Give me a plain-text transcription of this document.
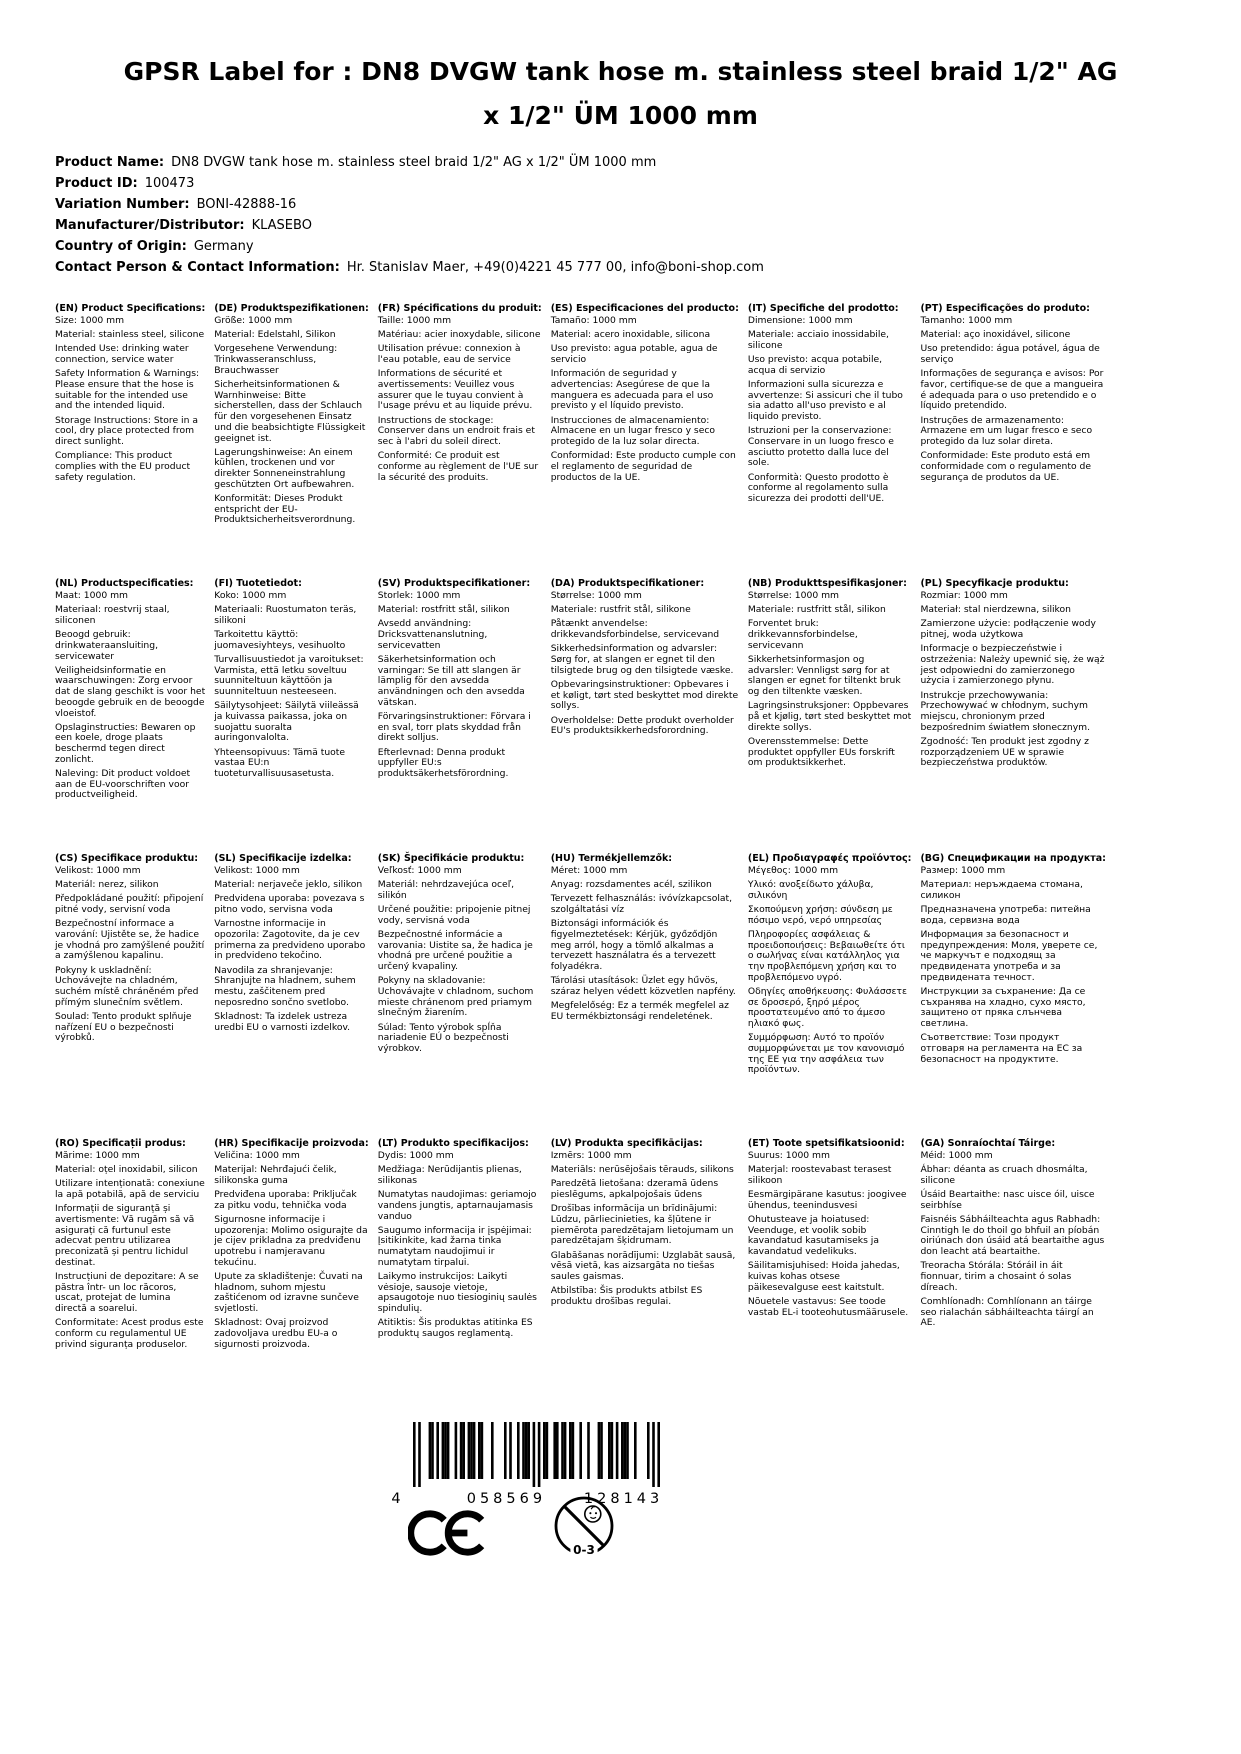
GPSR Label for : DN8 DVGW tank hose m. stainless steel braid 1/2" AG x 1/2" ÜM 1000 mm
Product Name: DN8 DVGW tank hose m. stainless steel braid 1/2" AG x 1/2" ÜM 1000 mm
Product ID: 100473
Variation Number: BONI-42888-16
Manufacturer/Distributor: KLASEBO
Country of Origin: Germany
Contact Person & Contact Information: Hr. Stanislav Maer, +49(0)4221 45 777 00, info@boni-shop.com
(EN) Product Specifications:

Size: 1000 mm

Material: stainless steel, silicone

Intended Use: drinking water connection, service water

Safety Information & Warnings: Please ensure that the hose is suitable for the intended use and the intended liquid.

Storage Instructions: Store in a cool, dry place protected from direct sunlight.

Compliance: This product complies with the EU product safety regulation.

(DE) Produktspezifikationen:

Größe: 1000 mm

Material: Edelstahl, Silikon

Vorgesehene Verwendung: Trinkwasseranschluss, Brauchwasser

Sicherheitsinformationen & Warnhinweise: Bitte sicherstellen, dass der Schlauch für den vorgesehenen Einsatz und die beabsichtigte Flüssigkeit geeignet ist.

Lagerungshinweise: An einem kühlen, trockenen und vor direkter Sonneneinstrahlung geschützten Ort aufbewahren.

Konformität: Dieses Produkt entspricht der EU-Produktsicherheitsverordnung.

(FR) Spécifications du produit:

Taille: 1000 mm

Matériau: acier inoxydable, silicone

Utilisation prévue: connexion à l'eau potable, eau de service

Informations de sécurité et avertissements: Veuillez vous assurer que le tuyau convient à l'usage prévu et au liquide prévu.

Instructions de stockage: Conserver dans un endroit frais et sec à l'abri du soleil direct.

Conformité: Ce produit est conforme au règlement de l'UE sur la sécurité des produits.

(ES) Especificaciones del producto:

Tamaño: 1000 mm

Material: acero inoxidable, silicona

Uso previsto: agua potable, agua de servicio

Información de seguridad y advertencias: Asegúrese de que la manguera es adecuada para el uso previsto y el líquido previsto.

Instrucciones de almacenamiento: Almacene en un lugar fresco y seco protegido de la luz solar directa.

Conformidad: Este producto cumple con el reglamento de seguridad de productos de la UE.

(IT) Specifiche del prodotto:

Dimensione: 1000 mm

Materiale: acciaio inossidabile, silicone

Uso previsto: acqua potabile, acqua di servizio

Informazioni sulla sicurezza e avvertenze: Si assicuri che il tubo sia adatto all'uso previsto e al liquido previsto.

Istruzioni per la conservazione: Conservare in un luogo fresco e asciutto protetto dalla luce del sole.

Conformità: Questo prodotto è conforme al regolamento sulla sicurezza dei prodotti dell'UE.

(PT) Especificações do produto:

Tamanho: 1000 mm

Material: aço inoxidável, silicone

Uso pretendido: água potável, água de serviço

Informações de segurança e avisos: Por favor, certifique-se de que a mangueira é adequada para o uso pretendido e o líquido pretendido.

Instruções de armazenamento: Armazene em um lugar fresco e seco protegido da luz solar direta.

Conformidade: Este produto está em conformidade com o regulamento de segurança de produtos da UE.

(NL) Productspecificaties:

Maat: 1000 mm

Materiaal: roestvrij staal, siliconen

Beoogd gebruik: drinkwateraansluiting, servicewater

Veiligheidsinformatie en waarschuwingen: Zorg ervoor dat de slang geschikt is voor het beoogde gebruik en de beoogde vloeistof.

Opslaginstructies: Bewaren op een koele, droge plaats beschermd tegen direct zonlicht.

Naleving: Dit product voldoet aan de EU-voorschriften voor productveiligheid.

(FI) Tuotetiedot:

Koko: 1000 mm

Materiaali: Ruostumaton teräs, silikoni

Tarkoitettu käyttö: juomavesiyhteys, vesihuolto

Turvallisuustiedot ja varoitukset: Varmista, että letku soveltuu suunniteltuun käyttöön ja suunniteltuun nesteeseen.

Säilytysohjeet: Säilytä viileässä ja kuivassa paikassa, joka on suojattu suoralta auringonvalolta.

Yhteensopivuus: Tämä tuote vastaa EU:n tuoteturvallisuusasetusta.

(SV) Produktspecifikationer:

Storlek: 1000 mm

Material: rostfritt stål, silikon

Avsedd användning: Dricksvattenanslutning, servicevatten

Säkerhetsinformation och varningar: Se till att slangen är lämplig för den avsedda användningen och den avsedda vätskan.

Förvaringsinstruktioner: Förvara i en sval, torr plats skyddad från direkt solljus.

Efterlevnad: Denna produkt uppfyller EU:s produktsäkerhetsförordning.

(DA) Produktspecifikationer:

Størrelse: 1000 mm

Materiale: rustfrit stål, silikone

Påtænkt anvendelse: drikkevandsforbindelse, servicevand

Sikkerhedsinformation og advarsler: Sørg for, at slangen er egnet til den tilsigtede brug og den tilsigtede væske.

Opbevaringsinstruktioner: Opbevares i et køligt, tørt sted beskyttet mod direkte sollys.

Overholdelse: Dette produkt overholder EU's produktsikkerhedsforordning.

(NB) Produkttspesifikasjoner:

Størrelse: 1000 mm

Materiale: rustfritt stål, silikon

Forventet bruk: drikkevannsforbindelse, servicevann

Sikkerhetsinformasjon og advarsler: Vennligst sørg for at slangen er egnet for tiltenkt bruk og den tiltenkte væsken.

Lagringsinstruksjoner: Oppbevares på et kjølig, tørt sted beskyttet mot direkte sollys.

Overensstemmelse: Dette produktet oppfyller EUs forskrift om produktsikkerhet.

(PL) Specyfikacje produktu:

Rozmiar: 1000 mm

Materiał: stal nierdzewna, silikon

Zamierzone użycie: podłączenie wody pitnej, woda użytkowa

Informacje o bezpieczeństwie i ostrzeżenia: Należy upewnić się, że wąż jest odpowiedni do zamierzonego użycia i zamierzonego płynu.

Instrukcje przechowywania: Przechowywać w chłodnym, suchym miejscu, chronionym przed bezpośrednim światłem słonecznym.

Zgodność: Ten produkt jest zgodny z rozporządzeniem UE w sprawie bezpieczeństwa produktów.

(CS) Specifikace produktu:

Velikost: 1000 mm

Materiál: nerez, silikon

Předpokládané použití: připojení pitné vody, servisní voda

Bezpečnostní informace a varování: Ujistěte se, že hadice je vhodná pro zamýšlené použití a zamýšlenou kapalinu.

Pokyny k uskladnění: Uchovávejte na chladném, suchém místě chráněném před přímým slunečním světlem.

Soulad: Tento produkt splňuje nařízení EU o bezpečnosti výrobků.

(SL) Specifikacije izdelka:

Velikost: 1000 mm

Material: nerjaveče jeklo, silikon

Predvidena uporaba: povezava s pitno vodo, servisna voda

Varnostne informacije in opozorila: Zagotovite, da je cev primerna za predvideno uporabo in predvideno tekočino.

Navodila za shranjevanje: Shranjujte na hladnem, suhem mestu, zaščitenem pred neposredno sončno svetlobo.

Skladnost: Ta izdelek ustreza uredbi EU o varnosti izdelkov.

(SK) Špecifikácie produktu:

Veľkosť: 1000 mm

Materiál: nehrdzavejúca oceľ, silikón

Určené použitie: pripojenie pitnej vody, servisná voda

Bezpečnostné informácie a varovania: Uistite sa, že hadica je vhodná pre určené použitie a určený kvapaliny.

Pokyny na skladovanie: Uchovávajte v chladnom, suchom mieste chránenom pred priamym slnečným žiarením.

Súlad: Tento výrobok spĺňa nariadenie EÚ o bezpečnosti výrobkov.

(HU) Termékjellemzők:

Méret: 1000 mm

Anyag: rozsdamentes acél, szilikon

Tervezett felhasználás: ivóvízkapcsolat, szolgáltatási víz

Biztonsági információk és figyelmeztetések: Kérjük, győződjön meg arról, hogy a tömlő alkalmas a tervezett használatra és a tervezett folyadékra.

Tárolási utasítások: Üzlet egy hűvös, száraz helyen védett közvetlen napfény.

Megfelelőség: Ez a termék megfelel az EU termékbiztonsági rendeletének.

(EL) Προδιαγραφές προϊόντος:

Μέγεθος: 1000 mm

Υλικό: ανοξείδωτο χάλυβα, σιλικόνη

Σκοπούμενη χρήση: σύνδεση με πόσιμο νερό, νερό υπηρεσίας

Πληροφορίες ασφάλειας & προειδοποιήσεις: Βεβαιωθείτε ότι ο σωλήνας είναι κατάλληλος για την προβλεπόμενη χρήση και το προβλεπόμενο υγρό.

Οδηγίες αποθήκευσης: Φυλάσσετε σε δροσερό, ξηρό μέρος προστατευμένο από το άμεσο ηλιακό φως.

Συμμόρφωση: Αυτό το προϊόν συμμορφώνεται με τον κανονισμό της ΕΕ για την ασφάλεια των προϊόντων.

(BG) Спецификации на продукта:

Размер: 1000 mm

Материал: неръждаема стомана, силикон

Предназначена употреба: питейна вода, сервизна вода

Информация за безопасност и предупреждения: Моля, уверете се, че маркучът е подходящ за предвидената употреба и за предвидената течност.

Инструкции за съхранение: Да се съхранява на хладно, сухо място, защитено от пряка слънчева светлина.

Съответствие: Този продукт отговаря на регламента на ЕС за безопасност на продуктите.

(RO) Specificații produs:

Mărime: 1000 mm

Material: oțel inoxidabil, silicon

Utilizare intenționată: conexiune la apă potabilă, apă de serviciu

Informații de siguranță și avertismente: Vă rugăm să vă asigurați că furtunul este adecvat pentru utilizarea preconizată și pentru lichidul destinat.

Instrucțiuni de depozitare: A se păstra într- un loc răcoros, uscat, protejat de lumina directă a soarelui.

Conformitate: Acest produs este conform cu regulamentul UE privind siguranța produselor.

(HR) Specifikacije proizvoda:

Veličina: 1000 mm

Materijal: Nehrđajući čelik, silikonska guma

Predviđena uporaba: Priključak za pitku vodu, tehnička voda

Sigurnosne informacije i upozorenja: Molimo osigurajte da je cijev prikladna za predviđenu upotrebu i namjeravanu tekućinu.

Upute za skladištenje: Čuvati na hladnom, suhom mjestu zaštićenom od izravne sunčeve svjetlosti.

Skladnost: Ovaj proizvod zadovoljava uredbu EU-a o sigurnosti proizvoda.

(LT) Produkto specifikacijos:

Dydis: 1000 mm

Medžiaga: Nerūdijantis plienas, silikonas

Numatytas naudojimas: geriamojo vandens jungtis, aptarnaujamasis vanduo

Saugumo informacija ir įspėjimai: Įsitikinkite, kad žarna tinka numatytam naudojimui ir numatytam tirpalui.

Laikymo instrukcijos: Laikyti vėsioje, sausoje vietoje, apsaugotoje nuo tiesioginių saulės spindulių.

Atitiktis: Šis produktas atitinka ES produktų saugos reglamentą.

(LV) Produkta specifikācijas:

Izmērs: 1000 mm

Materiāls: nerūsējošais tērauds, silikons

Paredzētā lietošana: dzeramā ūdens pieslēgums, apkalpojošais ūdens

Drošības informācija un brīdinājumi: Lūdzu, pārliecinieties, ka šļūtene ir piemērota paredzētajam lietojumam un paredzētajam šķidrumam.

Glabāšanas norādījumi: Uzglabāt sausā, vēsā vietā, kas aizsargāta no tiešas saules gaismas.

Atbilstība: Šis produkts atbilst ES produktu drošības regulai.

(ET) Toote spetsifikatsioonid:

Suurus: 1000 mm

Materjal: roostevabast terasest silikoon

Eesmärgipärane kasutus: joogivee ühendus, teenindusvesi

Ohutusteave ja hoiatused: Veenduge, et voolik sobib kavandatud kasutamiseks ja kavandatud vedelikuks.

Säilitamisjuhised: Hoida jahedas, kuivas kohas otsese päikesevalguse eest kaitstult.

Nõuetele vastavus: See toode vastab EL-i tooteohutusmäärusele.

(GA) Sonraíochtaí Táirge:

Méid: 1000 mm

Ábhar: déanta as cruach dhosmálta, silicone

Úsáid Beartaithe: nasc uisce óil, uisce seirbhíse

Faisnéis Sábháilteachta agus Rabhadh: Cinntigh le do thoil go bhfuil an píobán oiriúnach don úsáid atá beartaithe agus don leacht atá beartaithe.

Treoracha Stórála: Stóráil in áit fionnuar, tirim a chosaint ó solas díreach.

Comhlíonadh: Comhlíonann an táirge seo rialachán sábháilteachta táirgí an AE.

4	058569	128143
0-3
